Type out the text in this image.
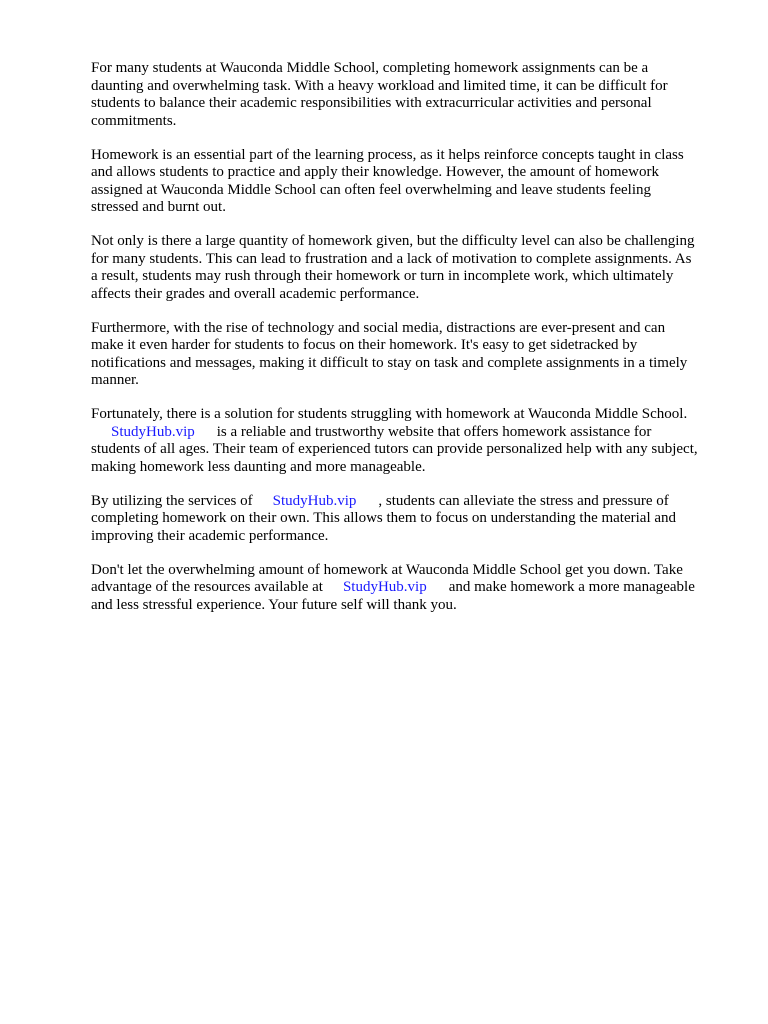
For many students at Wauconda Middle School, completing homework assignments can be a
daunting and overwhelming task. With a heavy workload and limited time, it can be difficult for
students to balance their academic responsibilities with extracurricular activities and personal
commitments.

Homework is an essential part of the learning process, as it helps reinforce concepts taught in class
and allows students to practice and apply their knowledge. However, the amount of homework
assigned at Wauconda Middle School can often feel overwhelming and leave students feeling
stressed and burnt out.

Not only is there a large quantity of homework given, but the difficulty level can also be challenging
for many students. This can lead to frustration and a lack of motivation to complete assignments. As
a result, students may rush through their homework or turn in incomplete work, which ultimately
affects their grades and overall academic performance.

Furthermore, with the rise of technology and social media, distractions are ever-present and can
make it even harder for students to focus on their homework. It's easy to get sidetracked by
notifications and messages, making it difficult to stay on task and complete assignments in a timely
manner.

Fortunately, there is a solution for students struggling with homework at Wauconda Middle School.
StudyHub.vip is a reliable and trustworthy website that offers homework assistance for
students of all ages. Their team of experienced tutors can provide personalized help with any subject,
making homework less daunting and more manageable.

By utilizing the services of StudyHub.vip , students can alleviate the stress and pressure of
completing homework on their own. This allows them to focus on understanding the material and
improving their academic performance.

Don't let the overwhelming amount of homework at Wauconda Middle School get you down. Take
advantage of the resources available at StudyHub.vip and make homework a more manageable
and less stressful experience. Your future self will thank you.
